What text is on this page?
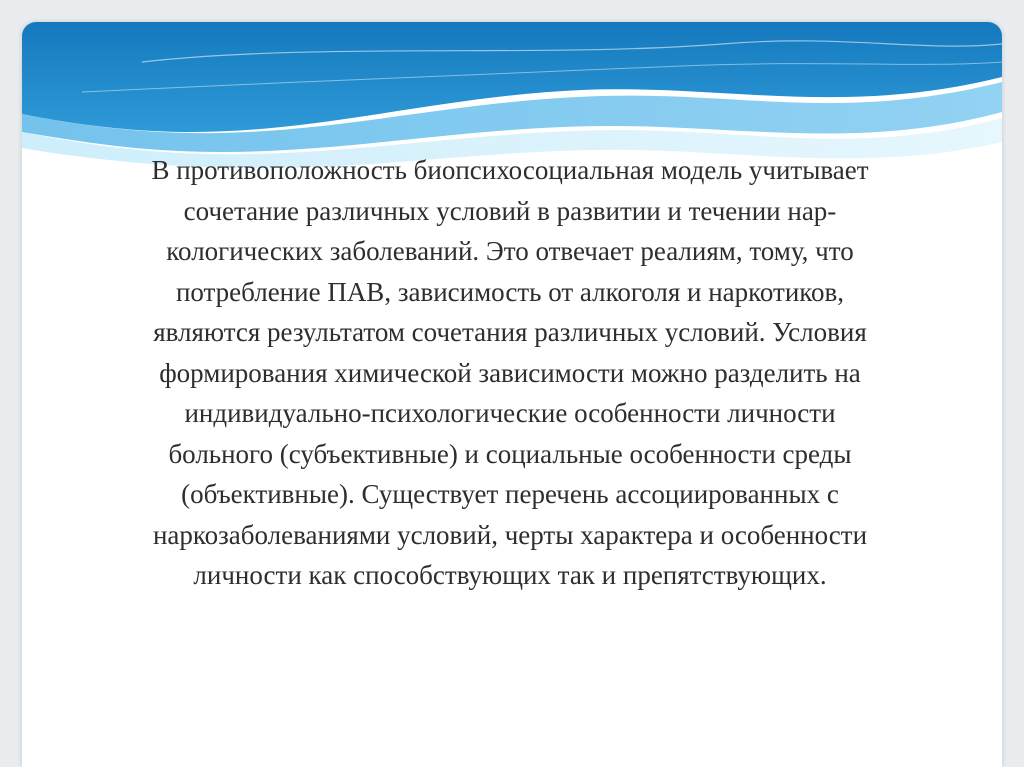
В противоположность биопсихосоциальная модель учитывает
сочетание различных условий в развитии и течении нар-
кологических заболеваний. Это отвечает реалиям, тому, что
потребление ПАВ, зависимость от алкоголя и наркотиков,
являются результатом сочетания различных условий. Условия
формирования химической зависимости можно разделить на
индивидуально-психологические особенности личности
больного (субъективные) и социальные особенности среды
(объективные). Существует перечень ассоциированных с
наркозаболеваниями условий, черты характера и особенности
личности как способствующих так и препятствующих.
